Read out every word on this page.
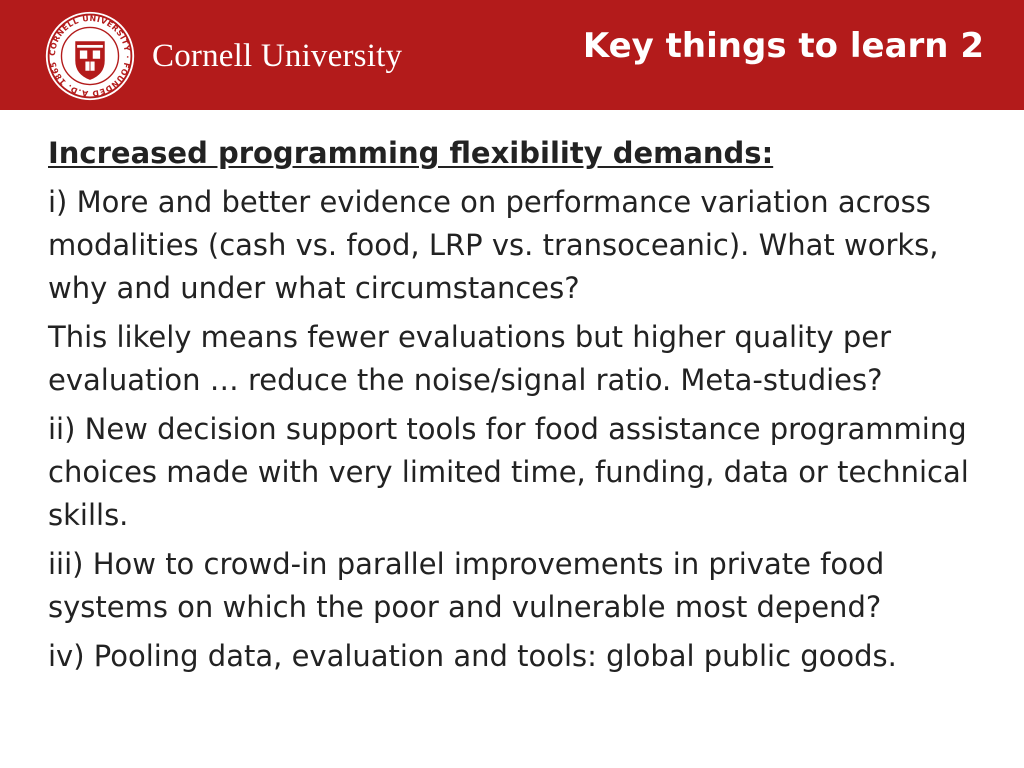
CORNELL UNIVERSITY · FOUNDED A.D. 1865	Cornell University	Key things to learn 2
Increased programming flexibility demands:

i) More and better evidence on performance variation across modalities (cash vs. food, LRP vs. transoceanic). What works, why and under what circumstances?

This likely means fewer evaluations but higher quality per evaluation … reduce the noise/signal ratio. Meta-studies?

ii) New decision support tools for food assistance programming choices made with very limited time, funding, data or technical skills.

iii) How to crowd-in parallel improvements in private food systems on which the poor and vulnerable most depend?

iv) Pooling data, evaluation and tools: global public goods.
